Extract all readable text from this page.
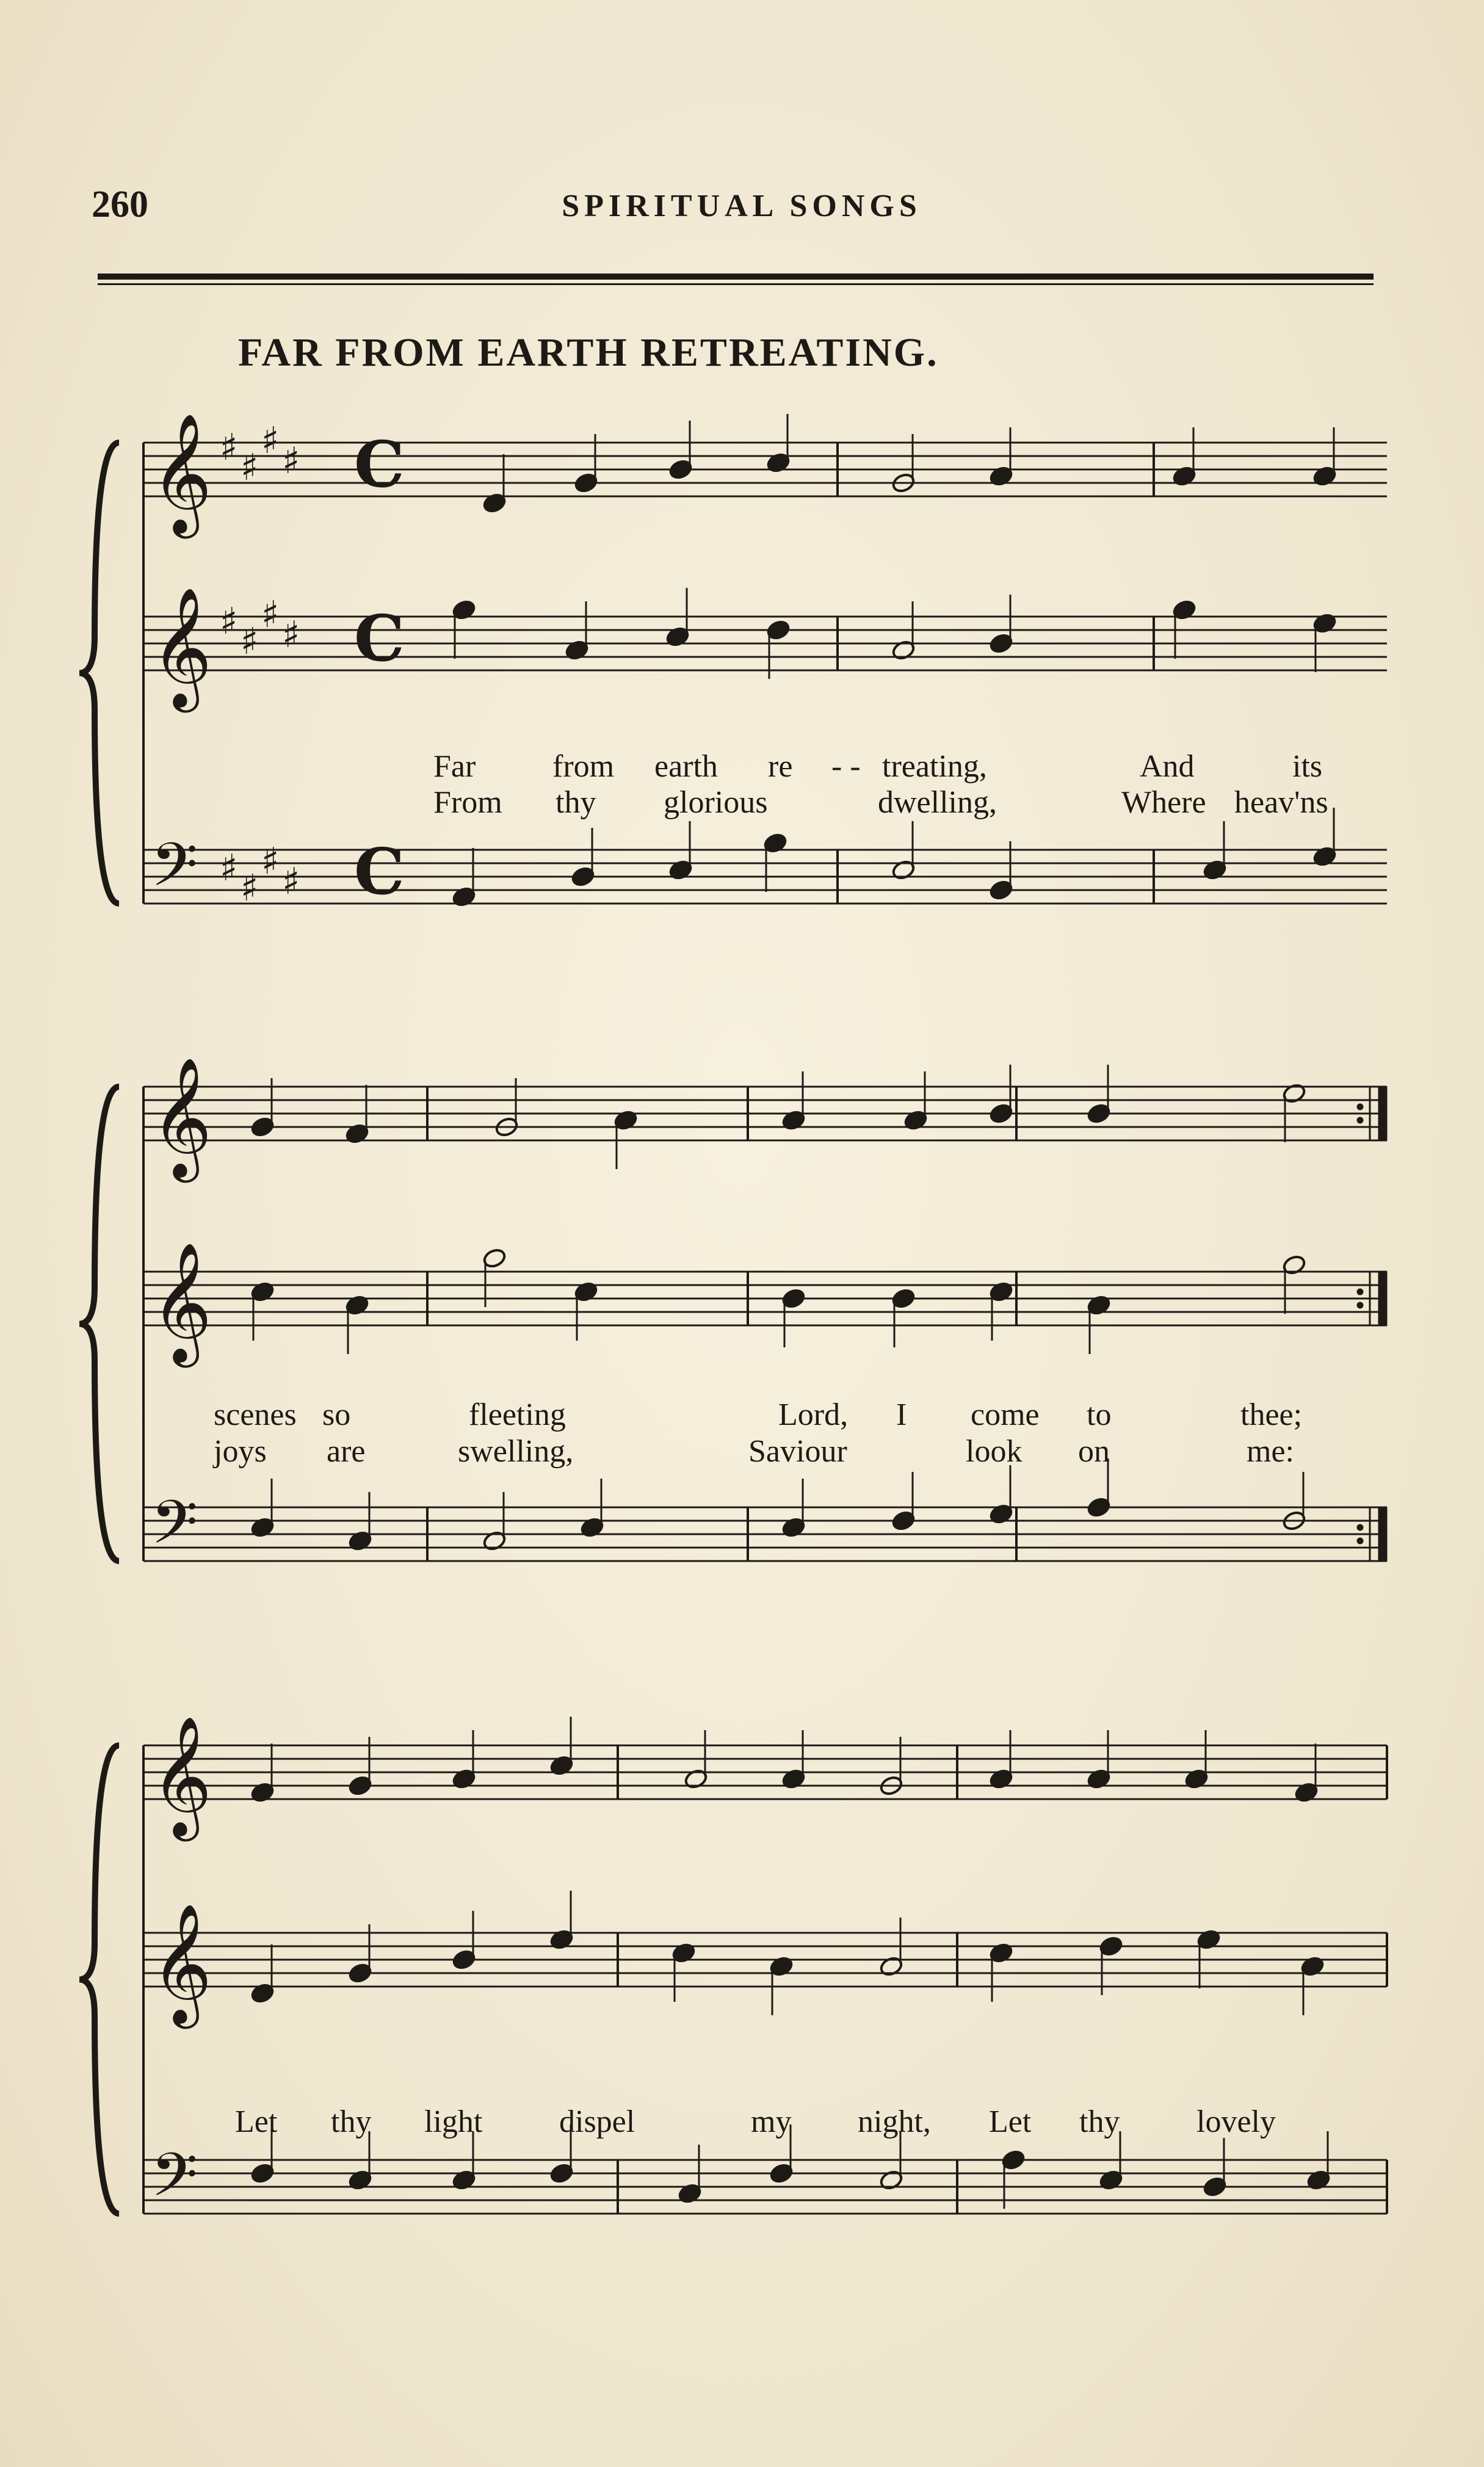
260	SPIRITUAL SONGS
FAR FROM EARTH RETREATING.
𝄞 ♯ ♯
♯ ♯ C
𝄞 ♯ ♯
♯ ♯ C
𝄢 ♯ ♯
♯ ♯ C
𝄞
𝄞
𝄢
𝄞
𝄞
𝄢
Far from earth re - - treating,	And	its
From thy glorious	dwelling,	Where heav'ns
scenes so	fleeting	Lord, I come to	thee;
joys are	swelling,	Saviour	look on	me:
Let thy light dispel	my night, Let thy lovely
